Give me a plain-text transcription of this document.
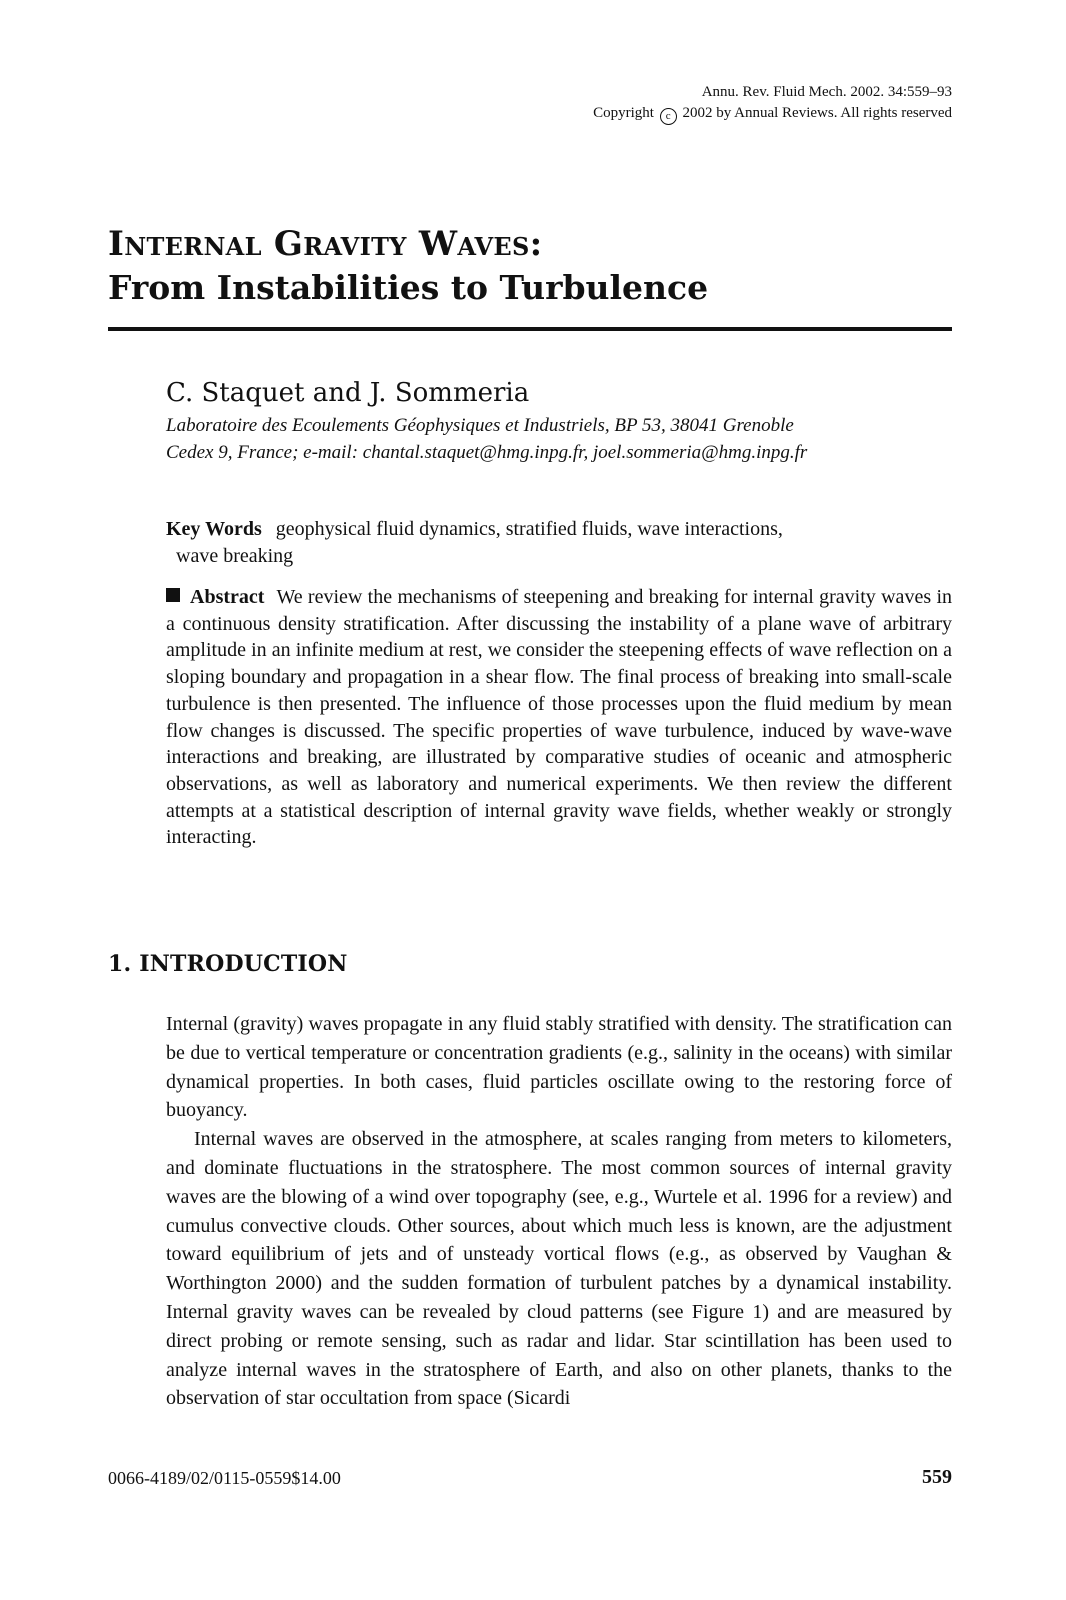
Annu. Rev. Fluid Mech. 2002. 34:559–93
Copyright c 2002 by Annual Reviews. All rights reserved
Internal Gravity Waves:
From Instabilities to Turbulence
C. Staquet and J. Sommeria
Laboratoire des Ecoulements Géophysiques et Industriels, BP 53, 38041 Grenoble
Cedex 9, France; e-mail: chantal.staquet@hmg.inpg.fr, joel.sommeria@hmg.inpg.fr
Key Words geophysical fluid dynamics, stratified fluids, wave interactions,
wave breaking
Abstract We review the mechanisms of steepening and breaking for internal gravity waves in a continuous density stratification. After discussing the instability of a plane wave of arbitrary amplitude in an infinite medium at rest, we consider the steepening effects of wave reflection on a sloping boundary and propagation in a shear flow. The final process of breaking into small-scale turbulence is then presented. The influence of those processes upon the fluid medium by mean flow changes is discussed. The specific properties of wave turbulence, induced by wave-wave interactions and breaking, are illustrated by comparative studies of oceanic and atmospheric observations, as well as laboratory and numerical experiments. We then review the different attempts at a statistical description of internal gravity wave fields, whether weakly or strongly interacting.
1. INTRODUCTION

Internal (gravity) waves propagate in any fluid stably stratified with density. The stratification can be due to vertical temperature or concentration gradients (e.g., salinity in the oceans) with similar dynamical properties. In both cases, fluid particles oscillate owing to the restoring force of buoyancy.

Internal waves are observed in the atmosphere, at scales ranging from meters to kilometers, and dominate fluctuations in the stratosphere. The most common sources of internal gravity waves are the blowing of a wind over topography (see, e.g., Wurtele et al. 1996 for a review) and cumulus convective clouds. Other sources, about which much less is known, are the adjustment toward equilibrium of jets and of unsteady vortical flows (e.g., as observed by Vaughan & Worthington 2000) and the sudden formation of turbulent patches by a dynamical instability. Internal gravity waves can be revealed by cloud patterns (see Figure 1) and are measured by direct probing or remote sensing, such as radar and lidar. Star scintillation has been used to analyze internal waves in the stratosphere of Earth, and also on other planets, thanks to the observation of star occultation from space (Sicardi

0066-4189/02/0115-0559$14.00	559
